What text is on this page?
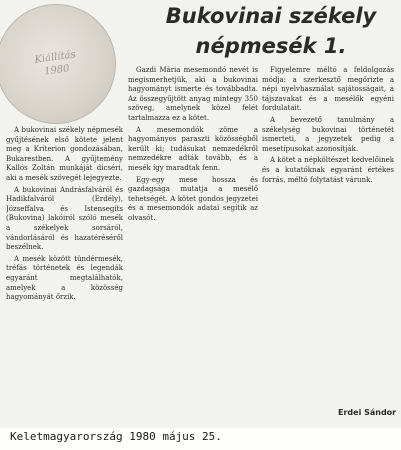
Kiállítás
1980
Bukovinai székely
népmesék 1.

A bukovinai székely népmesék gyűjtésének első kötete jelent meg a Kriterion gondozásában, Bukarestben. A gyűjtemény Kallós Zoltán munkáját dicséri, aki a mesék szövegét lejegyezte.

A bukovinai Andrásfalváról és Hadikfalváról (Erdély), Józseffalva és Istensegíts (Bukovina) lakóiról szóló mesék a székelyek sorsáról, vándorlásáról és hazatéréséről beszélnek.

A mesék között tündérmesék, tréfás történetek és legendák egyaránt megtalálhatók, amelyek a közösség hagyományát őrzik.

Gazdi Mária mesemondó nevét is megismerhetjük, aki a bukovinai hagyományt ismerte és továbbadta. Az összegyűjtött anyag mintegy 350 szöveg, amelynek közel felét tartalmazza ez a kötet.

A mesemondók zöme a hagyományos paraszti közösségből került ki; tudásukat nemzedékről nemzedékre adták tovább, és a mesék így maradtak fenn.

Egy-egy mese hossza és gazdagsága mutatja a mesélő tehetségét. A kötet gondos jegyzetei és a mesemondók adatai segítik az olvasót.

Figyelemre méltó a feldolgozás módja: a szerkesztő megőrizte a népi nyelvhasználat sajátosságait, a tájszavakat és a mesélők egyéni fordulatait.

A bevezető tanulmány a székelység bukovinai történetét ismerteti, a jegyzetek pedig a mesetípusokat azonosítják.

A kötet a népköltészet kedvelőinek és a kutatóknak egyaránt értékes forrás, méltó folytatást várunk.

Erdei Sándor
Keletmagyarország 1980 május 25.
